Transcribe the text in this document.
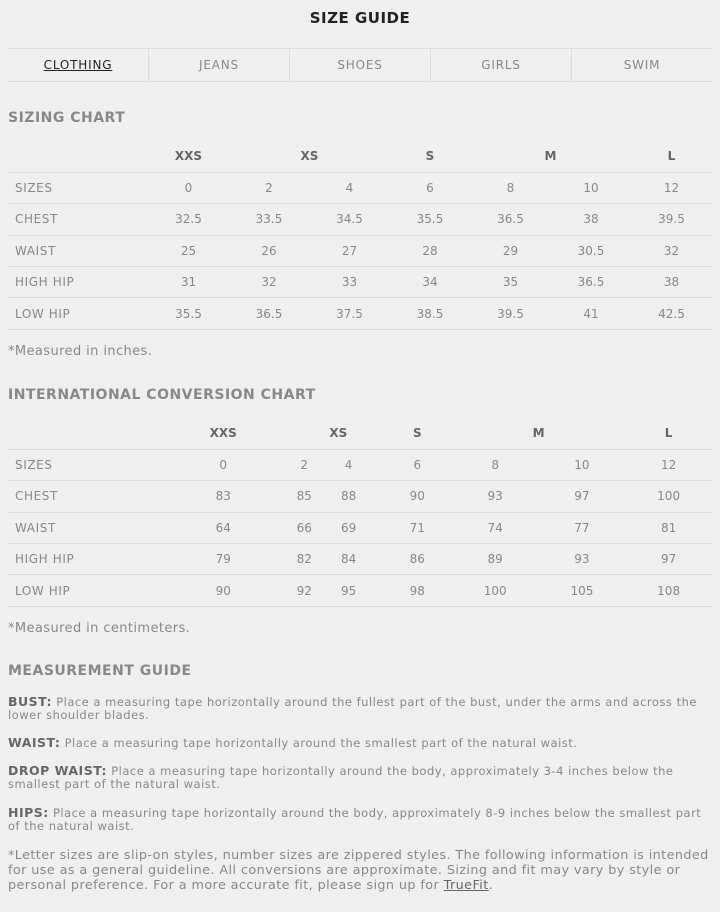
SIZE GUIDE
CLOTHING	JEANS	SHOES	GIRLS	SWIM
SIZING CHART
	XXS	XS		S	M		L
SIZES	0	2	4	6	8	10	12
CHEST	32.5	33.5	34.5	35.5	36.5	38	39.5
WAIST	25	26	27	28	29	30.5	32
HIGH HIP	31	32	33	34	35	36.5	38
LOW HIP	35.5	36.5	37.5	38.5	39.5	41	42.5
*Measured in inches.
INTERNATIONAL CONVERSION CHART
	XXS	XS		S	M		L
SIZES	0	2	4	6	8	10	12
CHEST	83	85	88	90	93	97	100
WAIST	64	66	69	71	74	77	81
HIGH HIP	79	82	84	86	89	93	97
LOW HIP	90	92	95	98	100	105	108
*Measured in centimeters.
MEASUREMENT GUIDE
BUST: Place a measuring tape horizontally around the fullest part of the bust, under the arms and across the lower shoulder blades.
WAIST: Place a measuring tape horizontally around the smallest part of the natural waist.
DROP WAIST: Place a measuring tape horizontally around the body, approximately 3-4 inches below the smallest part of the natural waist.
HIPS: Place a measuring tape horizontally around the body, approximately 8-9 inches below the smallest part of the natural waist.
*Letter sizes are slip-on styles, number sizes are zippered styles. The following information is intended for use as a general guideline. All conversions are approximate. Sizing and fit may vary by style or personal preference. For a more accurate fit, please sign up for TrueFit.
